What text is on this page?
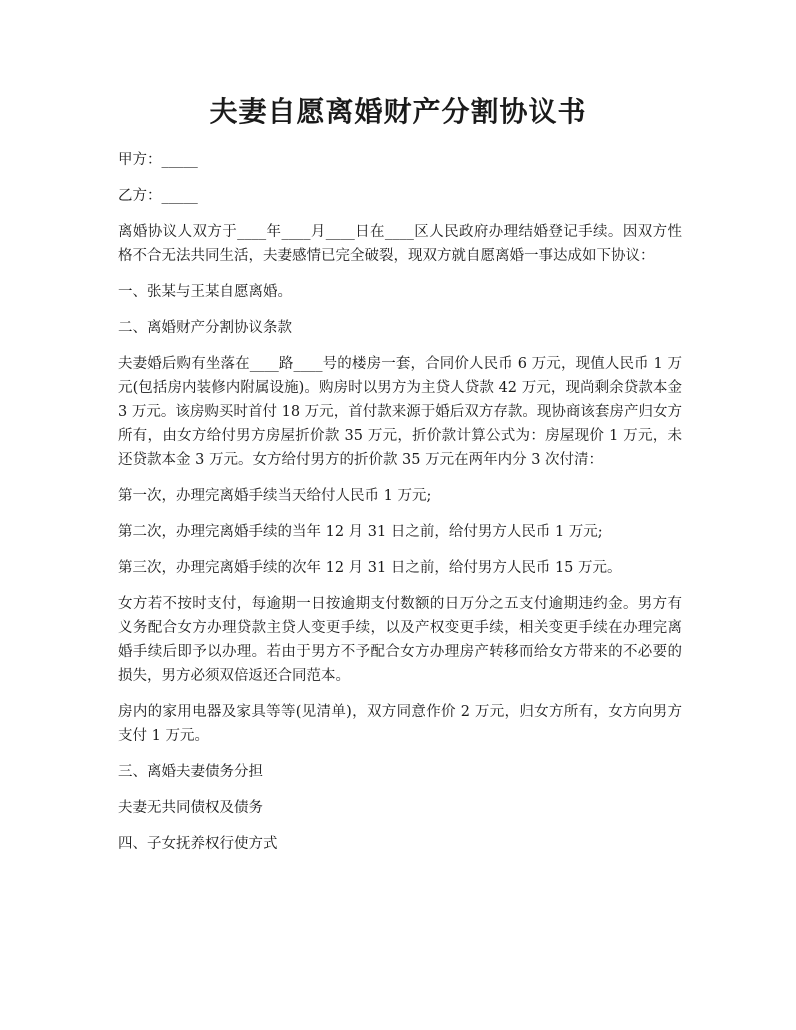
夫妻自愿离婚财产分割协议书

甲方：_____

乙方：_____

离婚协议人双方于____年____月____日在____区人民政府办理结婚登记手续。因双方性格不合无法共同生活，夫妻感情已完全破裂，现双方就自愿离婚一事达成如下协议：

一、张某与王某自愿离婚。

二、离婚财产分割协议条款

夫妻婚后购有坐落在____路____号的楼房一套，合同价人民币 6 万元，现值人民币 1 万元(包括房内装修内附属设施)。购房时以男方为主贷人贷款 42 万元，现尚剩余贷款本金 3 万元。该房购买时首付 18 万元，首付款来源于婚后双方存款。现协商该套房产归女方所有，由女方给付男方房屋折价款 35 万元，折价款计算公式为：房屋现价 1 万元，未还贷款本金 3 万元。女方给付男方的折价款 35 万元在两年内分 3 次付清：

第一次，办理完离婚手续当天给付人民币 1 万元;

第二次，办理完离婚手续的当年 12 月 31 日之前，给付男方人民币 1 万元;

第三次，办理完离婚手续的次年 12 月 31 日之前，给付男方人民币 15 万元。

女方若不按时支付，每逾期一日按逾期支付数额的日万分之五支付逾期违约金。男方有义务配合女方办理贷款主贷人变更手续，以及产权变更手续，相关变更手续在办理完离婚手续后即予以办理。若由于男方不予配合女方办理房产转移而给女方带来的不必要的损失，男方必须双倍返还合同范本。

房内的家用电器及家具等等(见清单)，双方同意作价 2 万元，归女方所有，女方向男方支付 1 万元。

三、离婚夫妻债务分担

夫妻无共同债权及债务

四、子女抚养权行使方式
